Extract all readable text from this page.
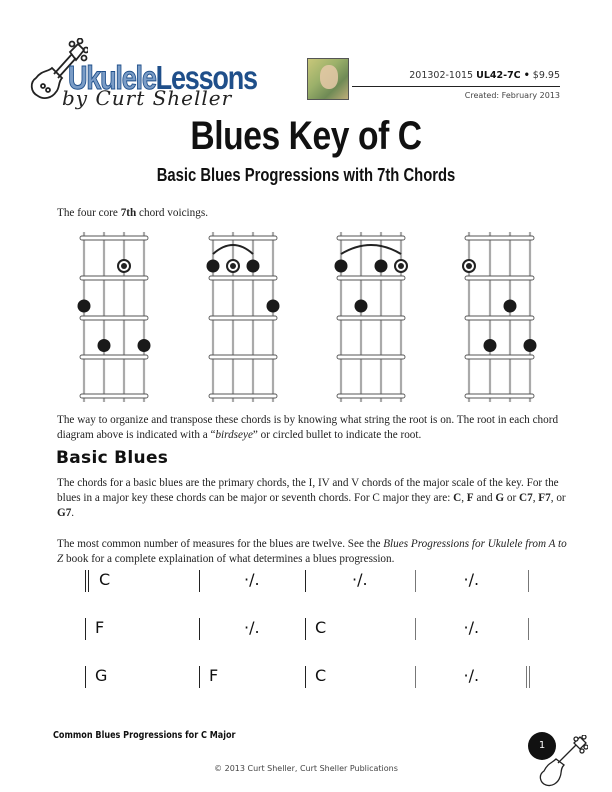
UkuleleLessons
by Curt Sheller
201302-1015 UL42-7C • $9.95
Created: February 2013
Blues Key of C
Basic Blues Progressions with 7th Chords
The four core 7th chord voicings.
The way to organize and transpose these chords is by knowing what string the root is on. The root in each chord diagram above is indicated with a “birdseye” or circled bullet to indicate the root.
Basic Blues
The chords for a basic blues are the primary chords, the I, IV and V chords of the major scale of the key. For the blues in a major key these chords can be major or seventh chords. For C major they are: C, F and G or C7, F7, or G7.
The most common number of measures for the blues are twelve. See the Blues Progressions for Ukulele from A to Z book for a complete explaination of what determines a blues progression.
C	·/.	·/.	·/.
F	·/.	C	·/.
G	F	C	·/.
Common Blues Progressions for C Major
© 2013 Curt Sheller, Curt Sheller Publications
1
